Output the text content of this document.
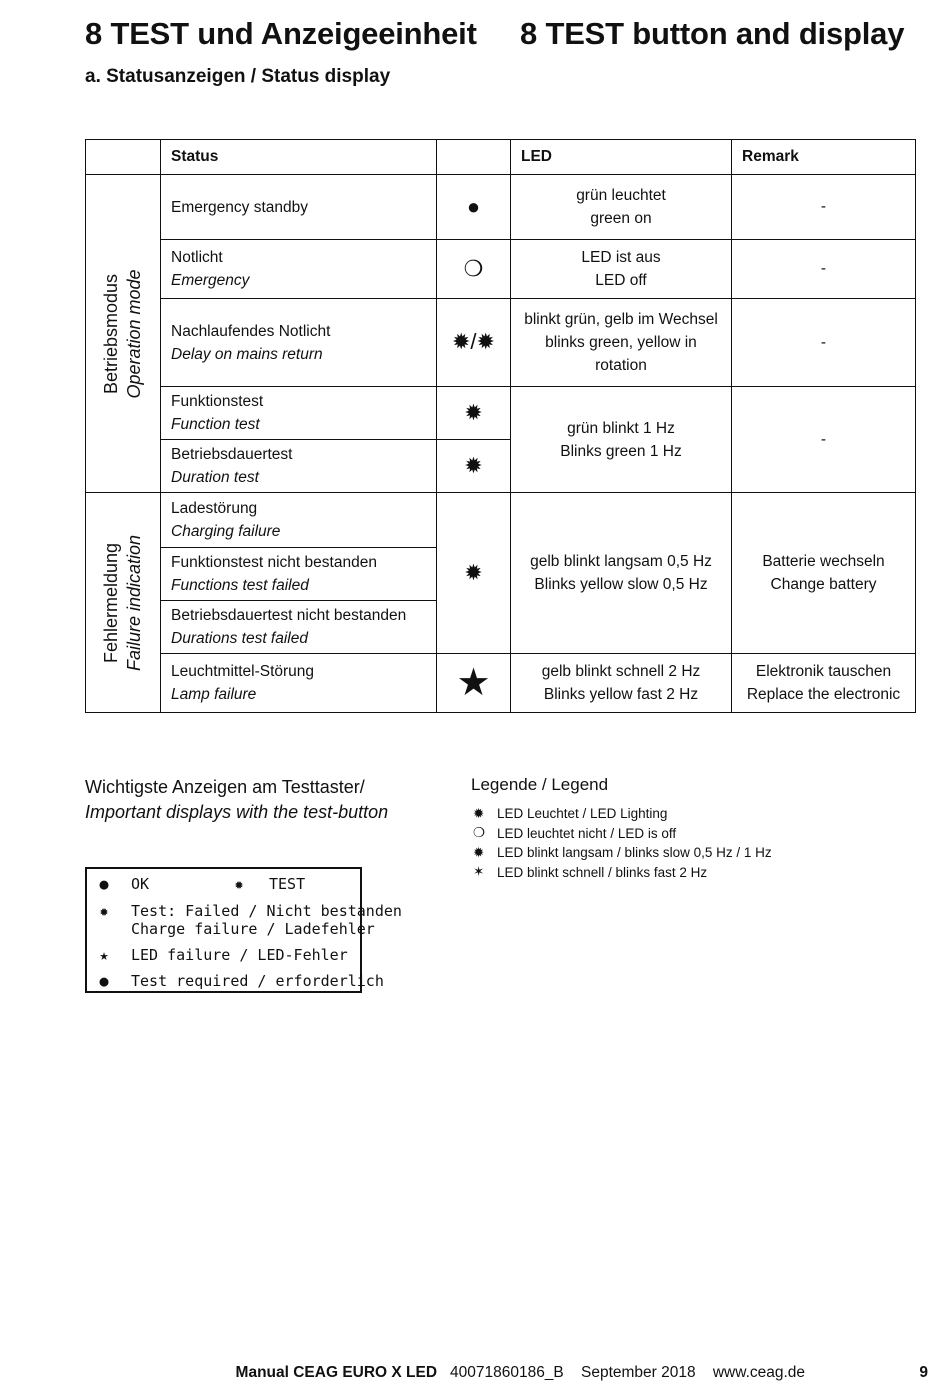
8 TEST und Anzeigeeinheit 8 TEST button and display
a. Statusanzeigen / Status display
	Status		LED	Remark

Betriebsmodus Operation mode	Emergency standby	●	grün leuchtet
green on	-

	Notlicht
Emergency	❍	LED ist aus
LED off	-

	Nachlaufendes Notlicht
Delay on mains return	✹/✹	blinkt grün, gelb im Wechsel
blinks green, yellow in
rotation	-

	Funktionstest
Function test	✹	grün blinkt 1 Hz
Blinks green 1 Hz	-

	Betriebsdauertest
Duration test	✹		

Fehlermeldung Failure indication	Ladestörung
Charging failure	✹	gelb blinkt langsam 0,5 Hz
Blinks yellow slow 0,5 Hz	Batterie wechseln
Change battery

	Funktionstest nicht bestanden
Functions test failed			

	Betriebsdauertest nicht bestanden
Durations test failed			

	Leuchtmittel-Störung
Lamp failure	★	gelb blinkt schnell 2 Hz
Blinks yellow fast 2 Hz	Elektronik tauschen
Replace the electronic
Wichtigste Anzeigen am Testtaster/
Important displays with the test-button
●	OK	✹	TEST
✹	Test: Failed / Nicht bestanden
Charge failure / Ladefehler
★	LED failure / LED-Fehler
●	Test required / erforderlich
Legende / Legend
✹ LED Leuchtet / LED Lighting
❍ LED leuchtet nicht / LED is off
✹ LED blinkt langsam / blinks slow 0,5 Hz / 1 Hz
✶ LED blinkt schnell / blinks fast 2 Hz
Manual CEAG EURO X LED 40071860186_B September 2018 www.ceag.de	9
